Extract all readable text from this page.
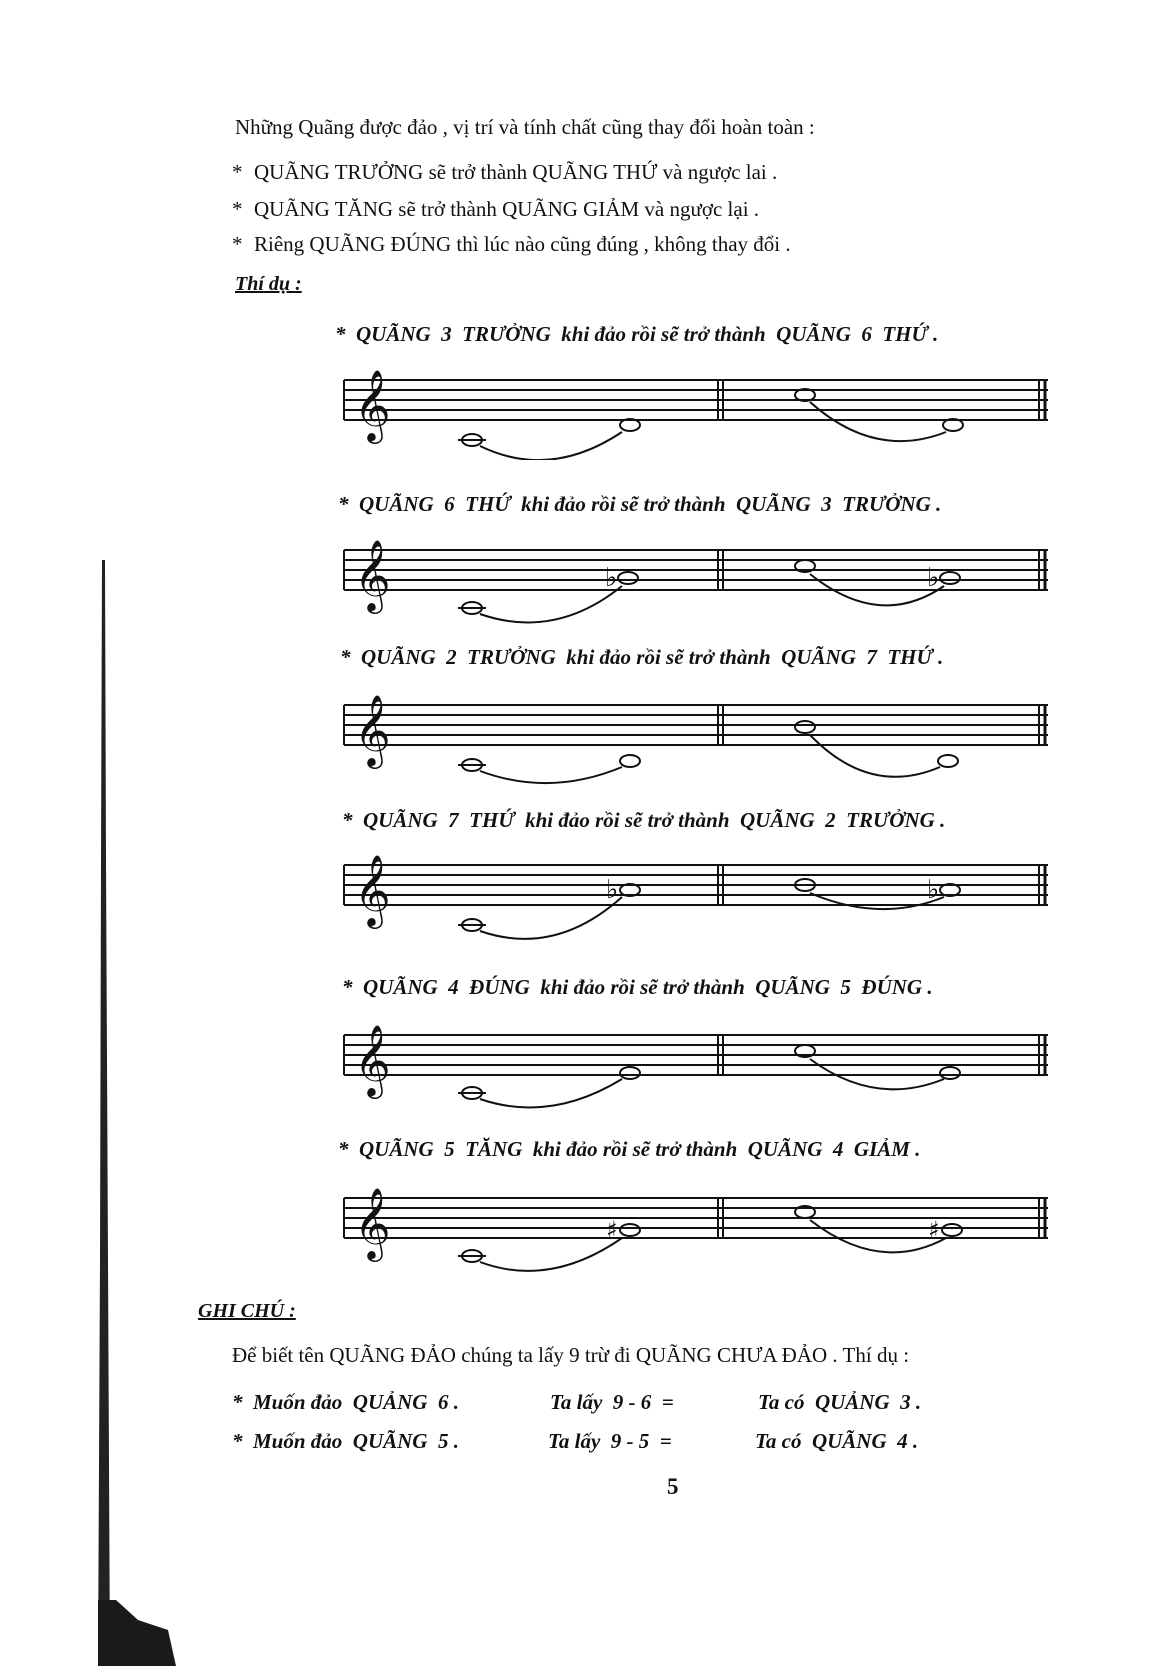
Những Quãng được đảo , vị trí và tính chất cũng thay đổi hoàn toàn :
* QUÃNG TRƯỞNG sẽ trở thành QUÃNG THỨ và ngược lai .
* QUÃNG TĂNG sẽ trở thành QUÃNG GIẢM và ngược lại .
* Riêng QUÃNG ĐÚNG thì lúc nào cũng đúng , không thay đổi .
Thí dụ :
*  QUÃNG  3  TRƯỞNG  khi đảo rồi sẽ trở thành  QUÃNG  6  THỨ .
𝄞
*  QUÃNG  6  THỨ  khi đảo rồi sẽ trở thành  QUÃNG  3  TRƯỞNG .
𝄞	♭	♭
*  QUÃNG  2  TRƯỞNG  khi đảo rồi sẽ trở thành  QUÃNG  7  THỨ .
𝄞
*  QUÃNG  7  THỨ  khi đảo rồi sẽ trở thành  QUÃNG  2  TRƯỞNG .
𝄞	♭	♭
*  QUÃNG  4  ĐÚNG  khi đảo rồi sẽ trở thành  QUÃNG  5  ĐÚNG .
𝄞
*  QUÃNG  5  TĂNG  khi đảo rồi sẽ trở thành  QUÃNG  4  GIẢM .
𝄞	♯	♯
GHI CHÚ :
Để biết tên QUÃNG ĐẢO chúng ta lấy 9 trừ đi QUÃNG CHƯA ĐẢO . Thí dụ :
*  Muốn đảo  QUẢNG  6 .	Ta lấy  9 - 6  =	Ta có  QUẢNG  3 .
*  Muốn đảo  QUÃNG  5 .	Ta lấy  9 - 5  =	Ta có  QUÃNG  4 .
5
